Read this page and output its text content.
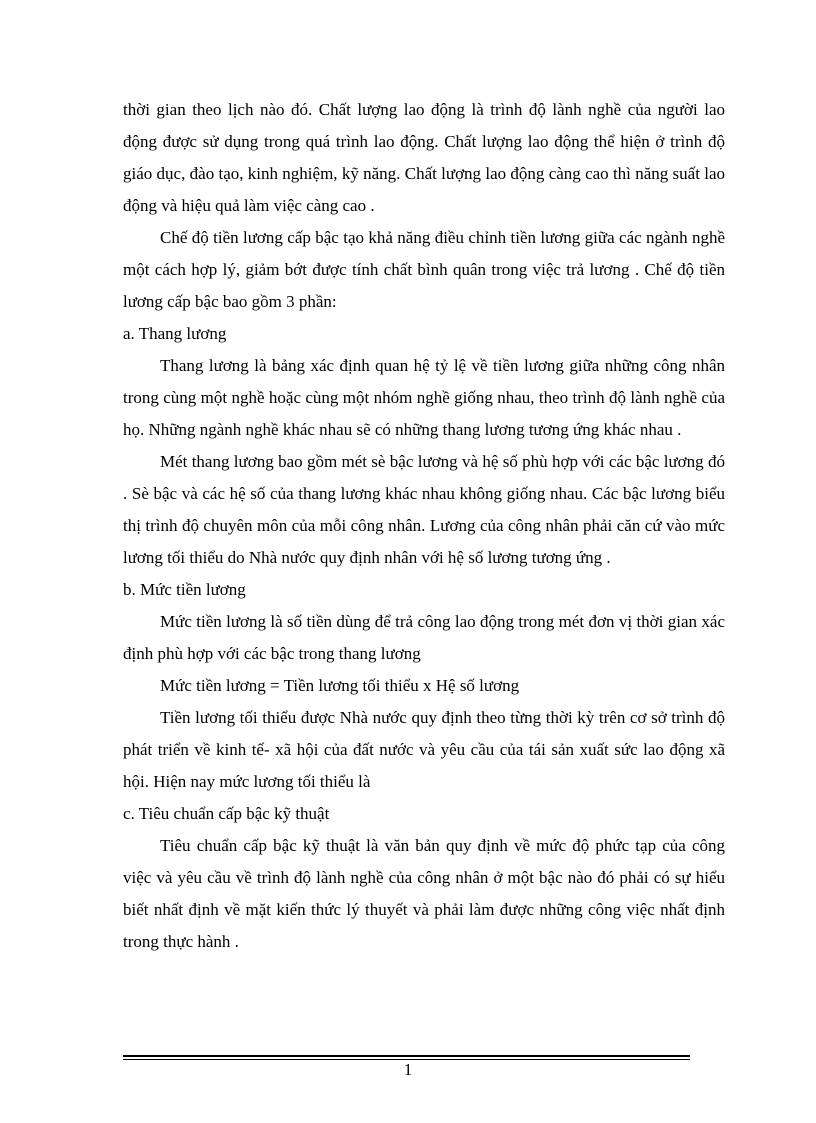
thời gian theo lịch nào đó. Chất lượng lao động là trình độ lành nghề của người lao động được sử dụng trong quá trình lao động. Chất lượng lao động thể hiện ở trình độ giáo dục, đào tạo, kinh nghiệm, kỹ năng. Chất lượng lao động càng cao thì năng suất lao động và hiệu quả làm việc càng cao .

Chế độ tiền lương cấp bậc tạo khả năng điều chỉnh tiền lương giữa các ngành nghề một cách hợp lý, giảm bớt được tính chất bình quân trong việc trả lương . Chế độ tiền lương cấp bậc bao gồm 3 phần:

a. Thang lương

Thang lương là bảng xác định quan hệ tỷ lệ về tiền lương giữa những công nhân trong cùng một nghề hoặc cùng một nhóm nghề giống nhau, theo trình độ lành nghề của họ. Những ngành nghề khác nhau sẽ có những thang lương tương ứng khác nhau .

Mét thang lương bao gồm mét sè bậc lương và hệ số phù hợp với các bậc lương đó . Sè bậc và các hệ số của thang lương khác nhau không giống nhau. Các bậc lương biểu thị trình độ chuyên môn của mỗi công nhân. Lương của công nhân phải căn cứ vào mức lương tối thiểu do Nhà nước quy định nhân với hệ số lương tương ứng .

b. Mức tiền lương

Mức tiền lương là số tiền dùng để trả công lao động trong mét đơn vị thời gian xác định phù hợp với các bậc trong thang lương

Mức tiền lương = Tiền lương tối thiểu x Hệ số lương

Tiền lương tối thiểu được Nhà nước quy định theo từng thời kỳ trên cơ sở trình độ phát triển về kinh tế- xã hội của đất nước và yêu cầu của tái sản xuất sức lao động xã hội. Hiện nay mức lương tối thiểu là

c. Tiêu chuẩn cấp bậc kỹ thuật

Tiêu chuẩn cấp bậc kỹ thuật là văn bản quy định về mức độ phức tạp của công việc và yêu cầu về trình độ lành nghề của công nhân ở một bậc nào đó phải có sự hiểu biết nhất định về mặt kiến thức lý thuyết và phải làm được những công việc nhất định trong thực hành .

1
